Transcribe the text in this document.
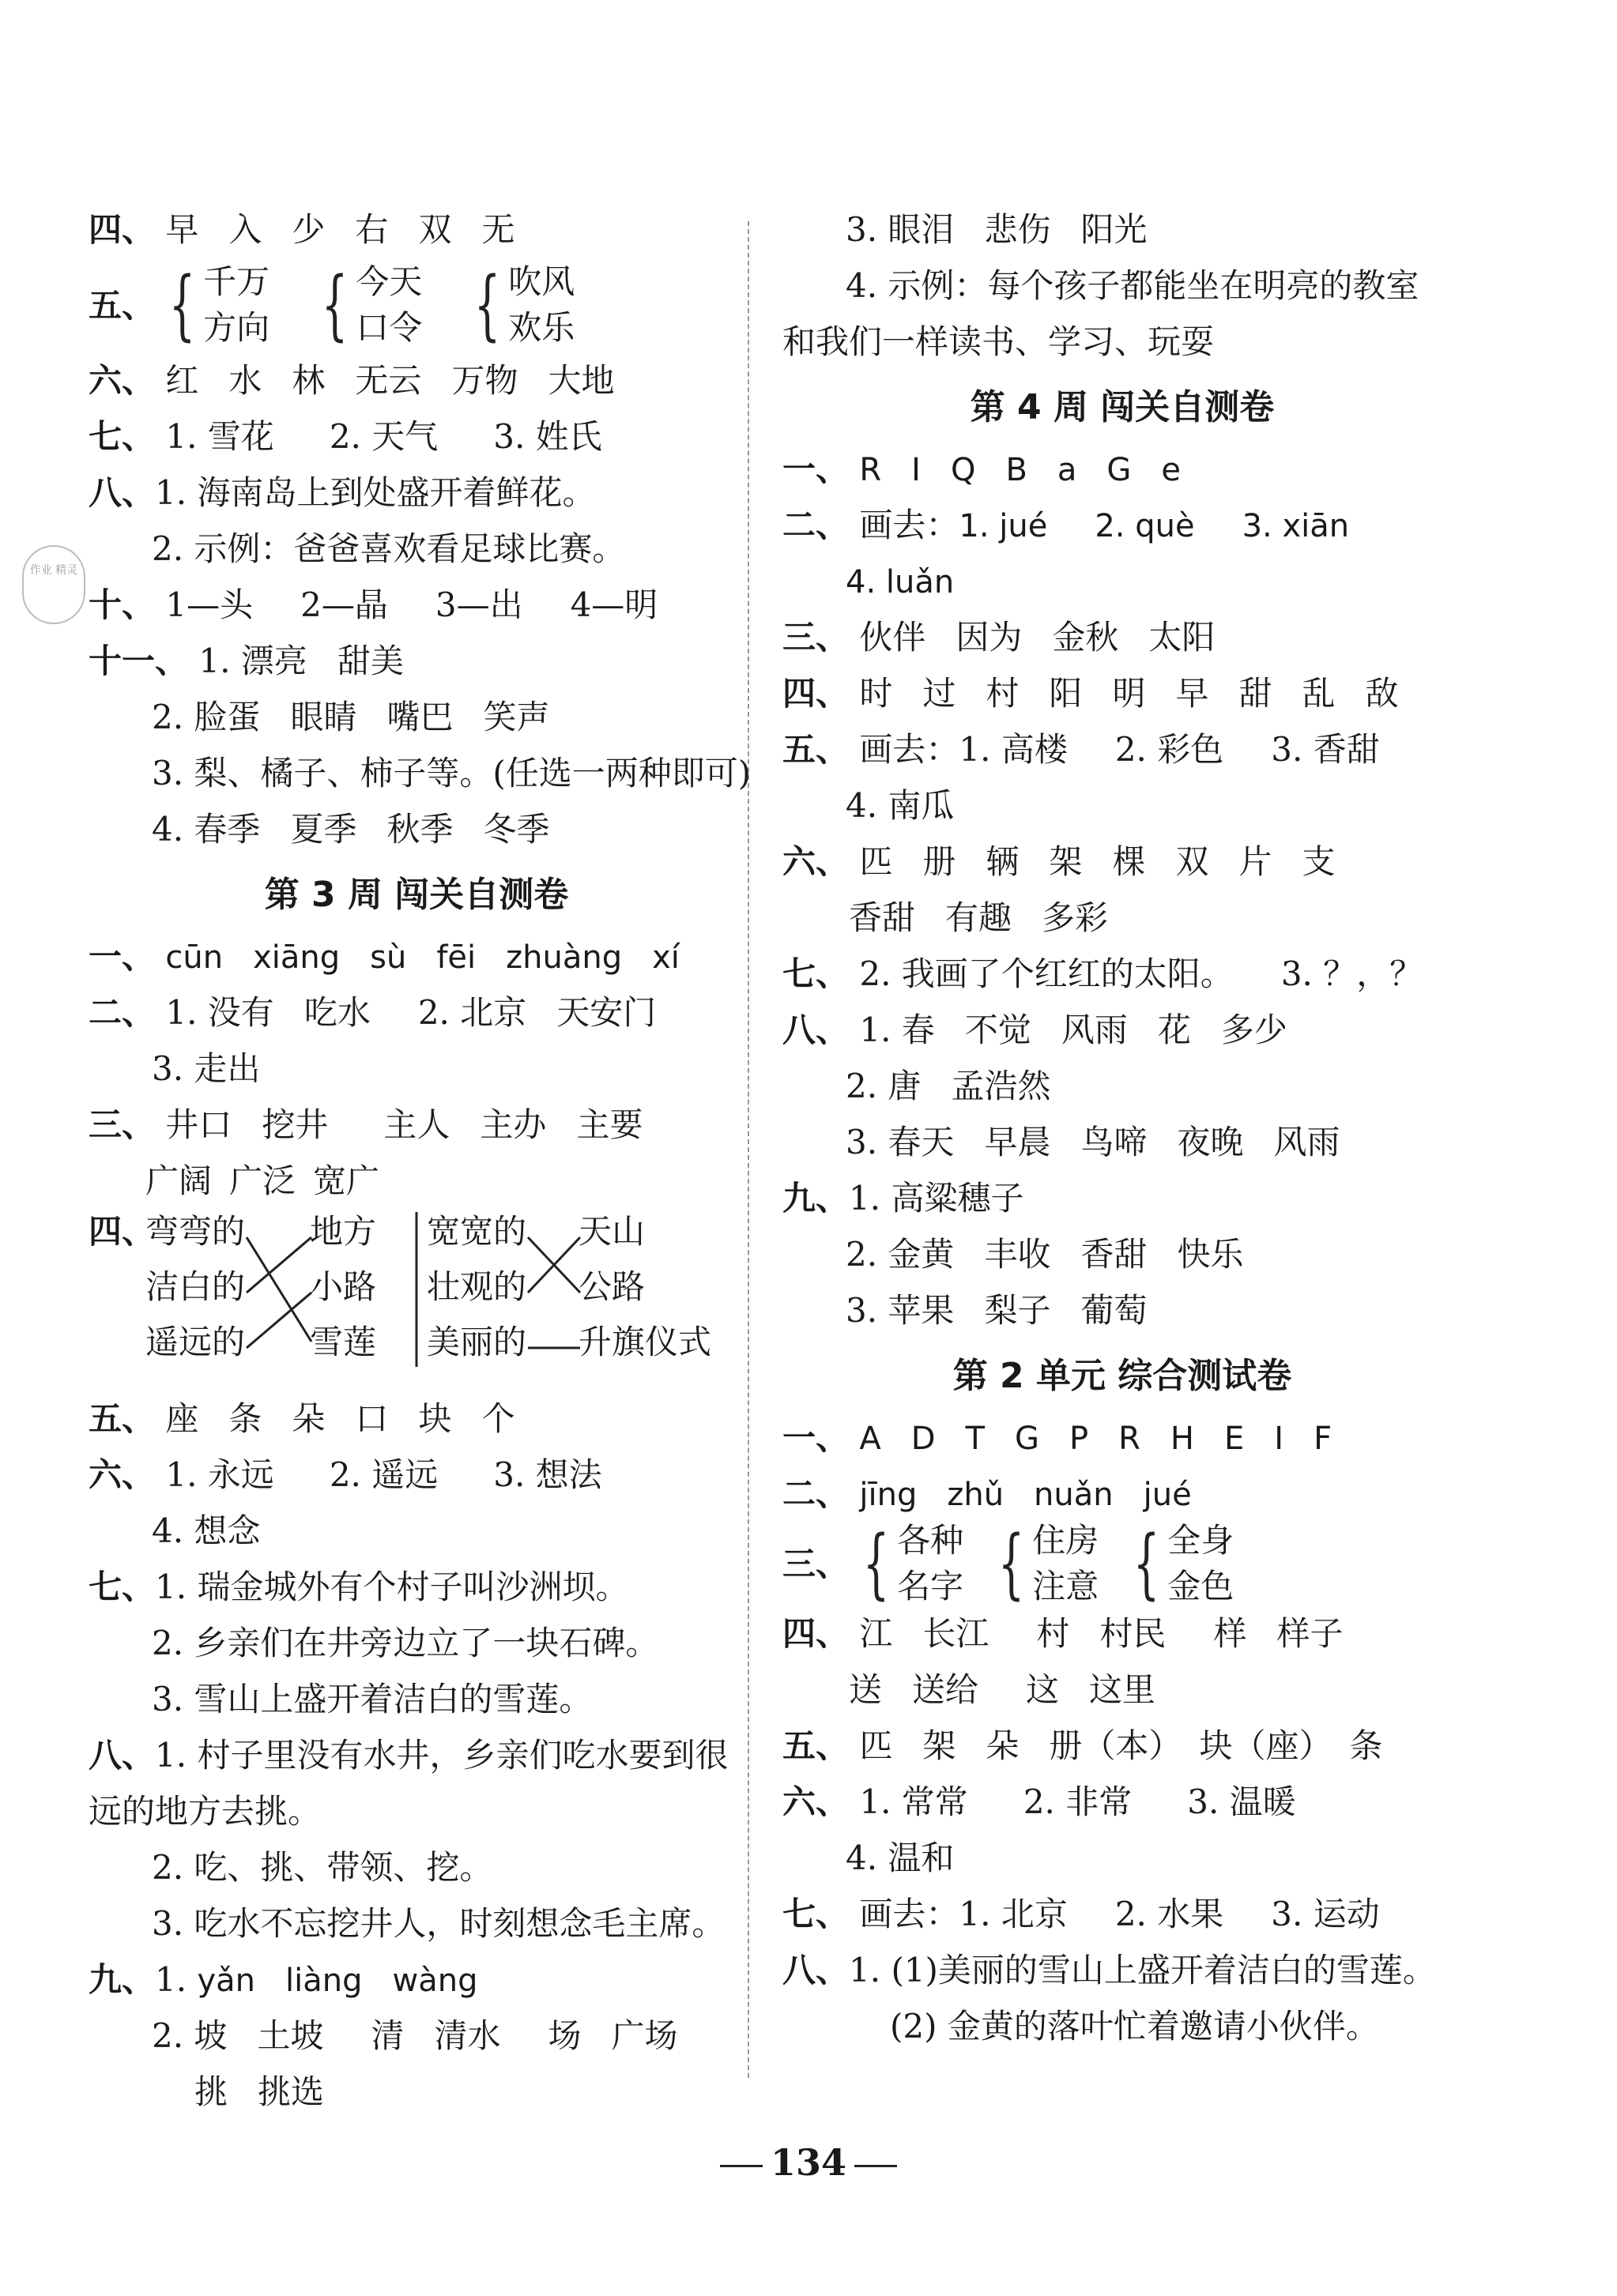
作业 精灵
四、 早 入 少 右 双 无
五、 { 千万
方向 { 今天
口令 { 吹风
欢乐
六、 红 水 林 无云 万物 大地
七、 1. 雪花 2. 天气 3. 姓氏
八、1. 海南岛上到处盛开着鲜花。
2. 示例：爸爸喜欢看足球比赛。
十、 1—头 2—晶 3—出 4—明
十一、 1. 漂亮 甜美
2. 脸蛋 眼睛 嘴巴 笑声
3. 梨、橘子、柿子等。(任选一两种即可)
4. 春季 夏季 秋季 冬季
第 3 周 闯关自测卷
一、 cūn xiāng sù fēi zhuàng xí
二、 1. 没有 吃水 2. 北京 天安门
3. 走出
三、 井口 挖井 主人 主办 主要
广阔 广泛 宽广
四、
弯弯的
洁白的
遥远的
地方
小路
雪莲
宽宽的
壮观的
美丽的
天山
公路
升旗仪式
五、 座 条 朵 口 块 个
六、 1. 永远 2. 遥远 3. 想法
4. 想念
七、1. 瑞金城外有个村子叫沙洲坝。
2. 乡亲们在井旁边立了一块石碑。
3. 雪山上盛开着洁白的雪莲。
八、1. 村子里没有水井，乡亲们吃水要到很
远的地方去挑。
2. 吃、挑、带领、挖。
3. 吃水不忘挖井人，时刻想念毛主席。
九、1. yǎn liàng wàng
2. 坡 土坡 清 清水 场 广场
挑 挑选
3. 眼泪 悲伤 阳光
4. 示例：每个孩子都能坐在明亮的教室
和我们一样读书、学习、玩耍
第 4 周 闯关自测卷
一、 R I Q B a G e
二、 画去：1. jué 2. què 3. xiān
4. luǎn
三、 伙伴 因为 金秋 太阳
四、 时 过 村 阳 明 早 甜 乱 敌
五、 画去：1. 高楼 2. 彩色 3. 香甜
4. 南瓜
六、 匹 册 辆 架 棵 双 片 支
香甜 有趣 多彩
七、 2. 我画了个红红的太阳。 3. ？，？
八、 1. 春 不觉 风雨 花 多少
2. 唐 孟浩然
3. 春天 早晨 鸟啼 夜晚 风雨
九、1. 高粱穗子
2. 金黄 丰收 香甜 快乐
3. 苹果 梨子 葡萄
第 2 单元 综合测试卷
一、 A D T G P R H E I F
二、 jīng zhǔ nuǎn jué
三、 { 各种
名字 { 住房
注意 { 全身
金色
四、 江 长江 村 村民 样 样子
送 送给 这 这里
五、 匹 架 朵 册（本） 块（座） 条
六、 1. 常常 2. 非常 3. 温暖
4. 温和
七、 画去：1. 北京 2. 水果 3. 运动
八、1. (1)美丽的雪山上盛开着洁白的雪莲。
(2) 金黄的落叶忙着邀请小伙伴。
134
